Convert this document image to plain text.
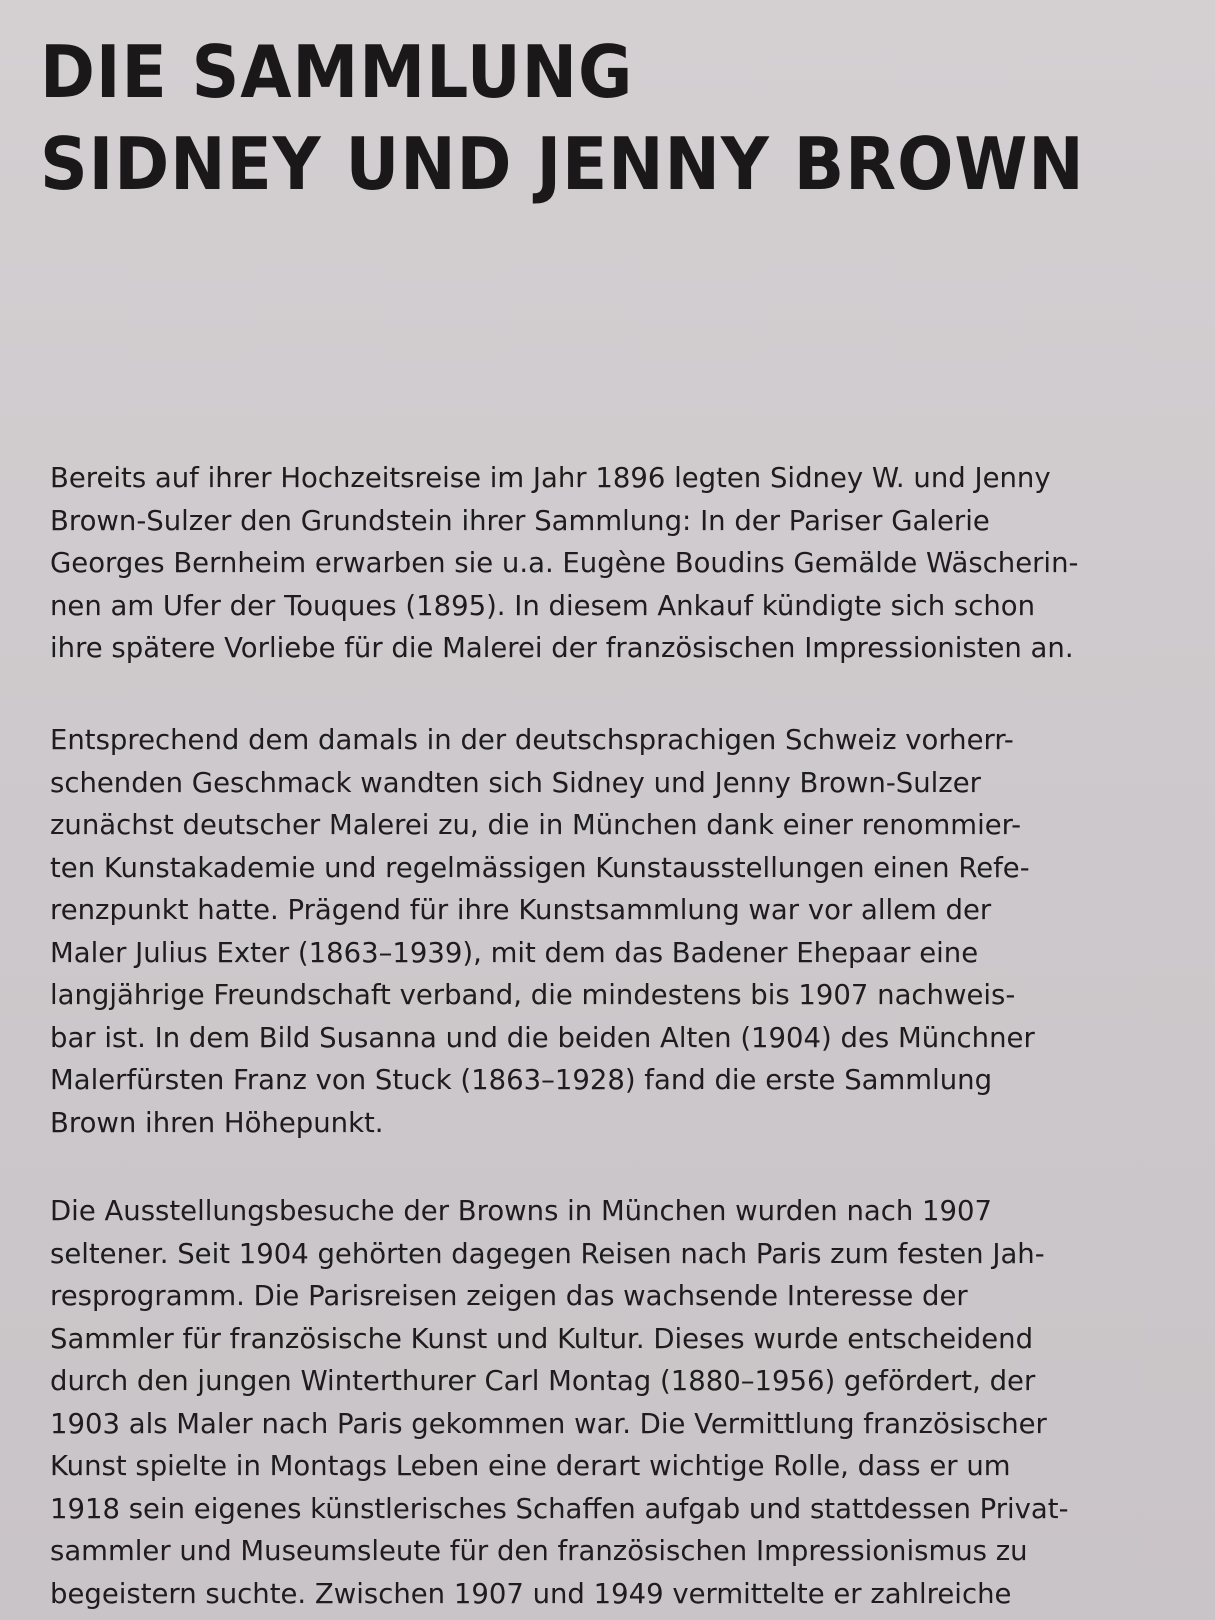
DIE SAMMLUNG
SIDNEY UND JENNY BROWN

Bereits auf ihrer Hochzeitsreise im Jahr 1896 legten Sidney W. und Jenny
Brown-Sulzer den Grundstein ihrer Sammlung: In der Pariser Galerie
Georges Bernheim erwarben sie u.a. Eugène Boudins Gemälde Wäscherin-
nen am Ufer der Touques (1895). In diesem Ankauf kündigte sich schon
ihre spätere Vorliebe für die Malerei der französischen Impressionisten an.

Entsprechend dem damals in der deutschsprachigen Schweiz vorherr-
schenden Geschmack wandten sich Sidney und Jenny Brown-Sulzer
zunächst deutscher Malerei zu, die in München dank einer renommier-
ten Kunstakademie und regelmässigen Kunstausstellungen einen Refe-
renzpunkt hatte. Prägend für ihre Kunstsammlung war vor allem der
Maler Julius Exter (1863–1939), mit dem das Badener Ehepaar eine
langjährige Freundschaft verband, die mindestens bis 1907 nachweis-
bar ist. In dem Bild Susanna und die beiden Alten (1904) des Münchner
Malerfürsten Franz von Stuck (1863–1928) fand die erste Sammlung
Brown ihren Höhepunkt.

Die Ausstellungsbesuche der Browns in München wurden nach 1907
seltener. Seit 1904 gehörten dagegen Reisen nach Paris zum festen Jah-
resprogramm. Die Parisreisen zeigen das wachsende Interesse der
Sammler für französische Kunst und Kultur. Dieses wurde entscheidend
durch den jungen Winterthurer Carl Montag (1880–1956) gefördert, der
1903 als Maler nach Paris gekommen war. Die Vermittlung französischer
Kunst spielte in Montags Leben eine derart wichtige Rolle, dass er um
1918 sein eigenes künstlerisches Schaffen aufgab und stattdessen Privat-
sammler und Museumsleute für den französischen Impressionismus zu
begeistern suchte. Zwischen 1907 und 1949 vermittelte er zahlreiche
